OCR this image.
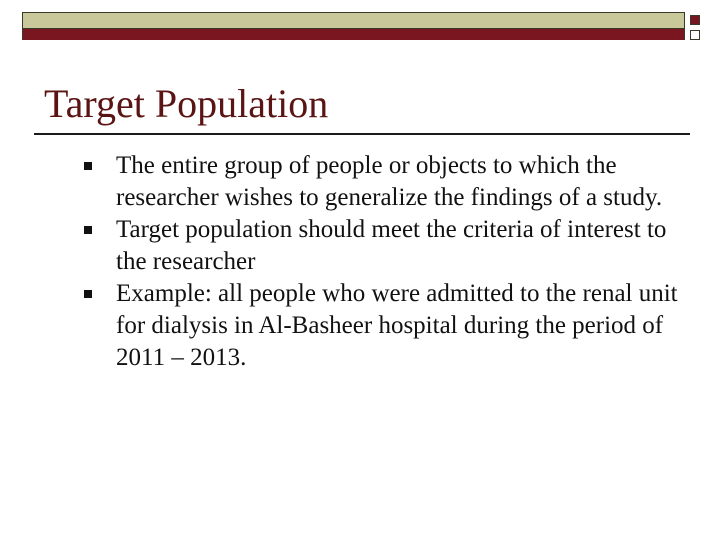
Target Population
The entire group of people or objects to which the researcher wishes to generalize the findings of a study.
Target population should meet the criteria of interest to the researcher
Example: all people who were admitted to the renal unit for dialysis in Al-Basheer hospital during the period of 2011 – 2013.
